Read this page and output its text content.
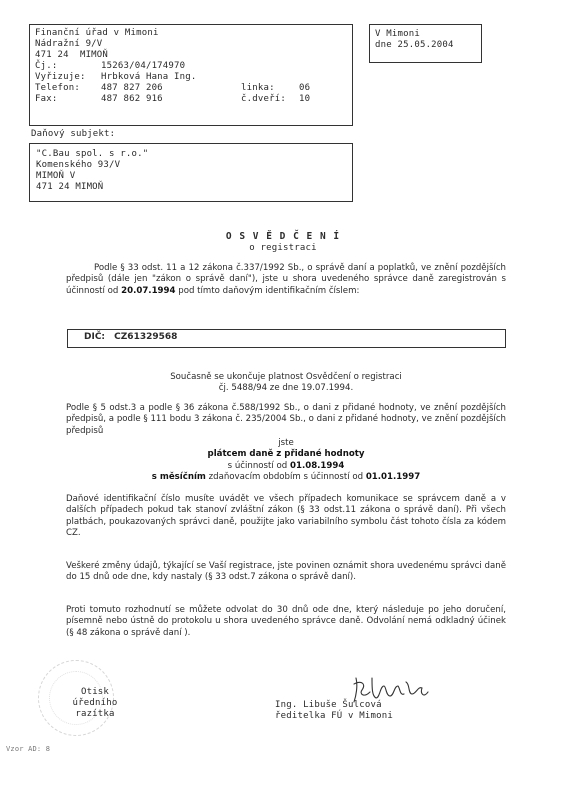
Finanční úřad v Mimoni
Nádražní 9/V
471 24  MIMOŇ
Čj.:	15263/04/174970
Vyřizuje: Hrbková Hana Ing.
Telefon: 487 827 206	linka:	06
Fax:	487 862 916	č.dveří: 10
V Mimoni
dne 25.05.2004
Daňový subjekt:
"C.Bau spol. s r.o."
Komenského 93/V
MIMOŇ V
471 24 MIMOŇ
O S V Ě D Č E N Í
o registraci
Podle § 33 odst. 11 a 12 zákona č.337/1992 Sb., o správě daní a poplatků, ve znění pozdějších předpisů (dále jen "zákon o správě daní"), jste u shora uvedeného správce daně zaregistrován s účinností od 20.07.1994 pod tímto daňovým identifikačním číslem:
DIČ: CZ61329568
Současně se ukončuje platnost Osvědčení o registraci
čj. 5488/94 ze dne 19.07.1994.
Podle § 5 odst.3 a podle § 36 zákona č.588/1992 Sb., o dani z přidané hodnoty, ve znění pozdějších předpisů, a podle § 111 bodu 3 zákona č. 235/2004 Sb., o dani z přidané hodnoty, ve znění pozdějších předpisů
jste
plátcem daně z přidané hodnoty
s účinností od 01.08.1994
s měsíčním zdaňovacím obdobím s účinností od 01.01.1997
Daňové identifikační číslo musíte uvádět ve všech případech komunikace se správcem daně a v dalších případech pokud tak stanoví zvláštní zákon (§ 33 odst.11 zákona o správě daní). Při všech platbách, poukazovaných správci daně, použijte jako variabilního symbolu část tohoto čísla za kódem CZ.
Veškeré změny údajů, týkající se Vaší registrace, jste povinen oznámit shora uvedenému správci daně do 15 dnů ode dne, kdy nastaly (§ 33 odst.7 zákona o správě daní).
Proti tomuto rozhodnutí se můžete odvolat do 30 dnů ode dne, který následuje po jeho doručení, písemně nebo ústně do protokolu u shora uvedeného správce daně. Odvolání nemá odkladný účinek (§ 48 zákona o správě daní ).
Otisk
úředního
razítka
Ing. Libuše Šulcová
ředitelka FÚ v Mimoni
Vzor AD: 8
